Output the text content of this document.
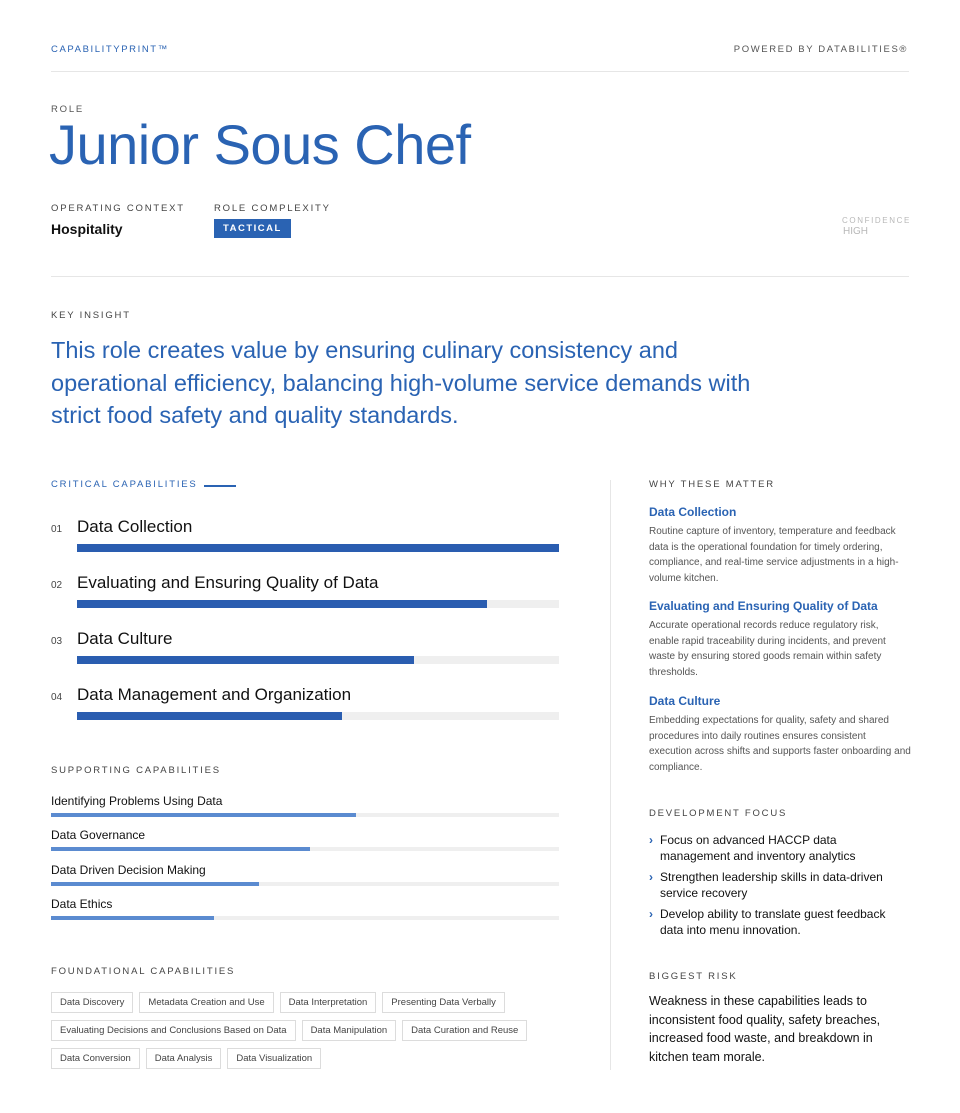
CAPABILITYPRINT™	POWERED BY DATABILITIES®
ROLE
Junior Sous Chef
OPERATING CONTEXT
Hospitality
ROLE COMPLEXITY
TACTICAL
CONFIDENCE
HIGH
KEY INSIGHT
This role creates value by ensuring culinary consistency and operational efficiency, balancing high-volume service demands with strict food safety and quality standards.
CRITICAL CAPABILITIES
01 Data Collection
02 Evaluating and Ensuring Quality of Data
03 Data Culture
04 Data Management and Organization
SUPPORTING CAPABILITIES
Identifying Problems Using Data
Data Governance
Data Driven Decision Making
Data Ethics
FOUNDATIONAL CAPABILITIES
Data Discovery	Metadata Creation and Use	Data Interpretation	Presenting Data Verbally
Evaluating Decisions and Conclusions Based on Data	Data Manipulation	Data Curation and Reuse
Data Conversion	Data Analysis	Data Visualization
WHY THESE MATTER
Data Collection
Routine capture of inventory, temperature and feedback data is the operational foundation for timely ordering, compliance, and real-time service adjustments in a high-volume kitchen.
Evaluating and Ensuring Quality of Data
Accurate operational records reduce regulatory risk, enable rapid traceability during incidents, and prevent waste by ensuring stored goods remain within safety thresholds.
Data Culture
Embedding expectations for quality, safety and shared procedures into daily routines ensures consistent execution across shifts and supports faster onboarding and compliance.
DEVELOPMENT FOCUS
› Focus on advanced HACCP data management and inventory analytics
› Strengthen leadership skills in data-driven service recovery
› Develop ability to translate guest feedback data into menu innovation.
BIGGEST RISK
Weakness in these capabilities leads to inconsistent food quality, safety breaches, increased food waste, and breakdown in kitchen team morale.
